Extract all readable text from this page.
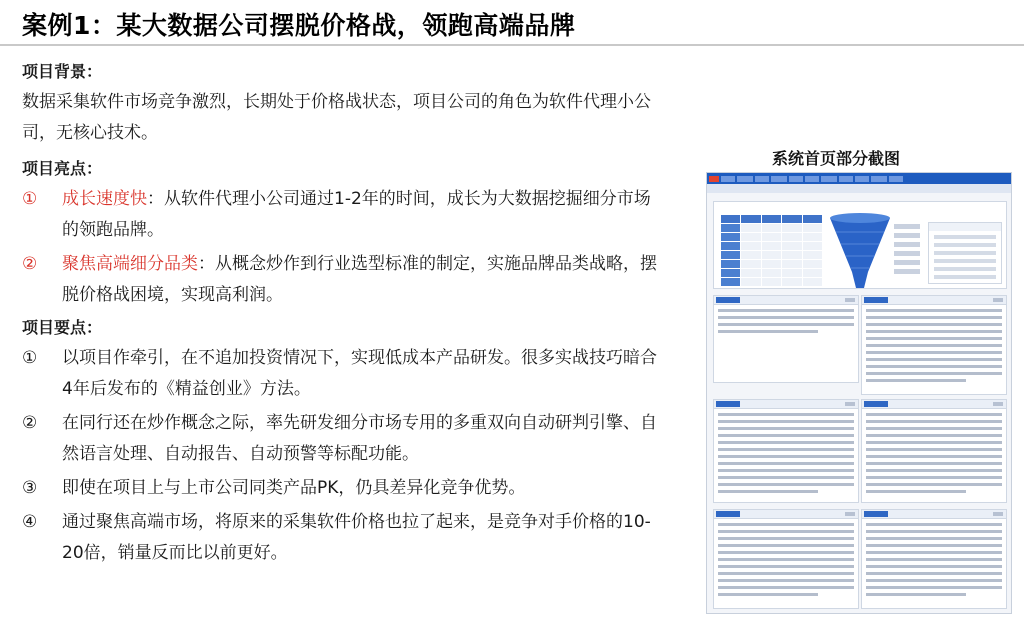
案例1：某大数据公司摆脱价格战，领跑高端品牌
项目背景：
数据采集软件市场竞争激烈，长期处于价格战状态，项目公司的角色为软件代理小公司，无核心技术。
项目亮点：
①	成长速度快：从软件代理小公司通过1-2年的时间，成长为大数据挖掘细分市场的领跑品牌。
②	聚焦高端细分品类：从概念炒作到行业选型标准的制定，实施品牌品类战略，摆脱价格战困境，实现高利润。
项目要点：
①	以项目作牵引，在不追加投资情况下，实现低成本产品研发。很多实战技巧暗合4年后发布的《精益创业》方法。
②	在同行还在炒作概念之际，率先研发细分市场专用的多重双向自动研判引擎、自然语言处理、自动报告、自动预警等标配功能。
③	即使在项目上与上市公司同类产品PK，仍具差异化竞争优势。
④	通过聚焦高端市场，将原来的采集软件价格也拉了起来，是竞争对手价格的10-20倍，销量反而比以前更好。
系统首页部分截图
